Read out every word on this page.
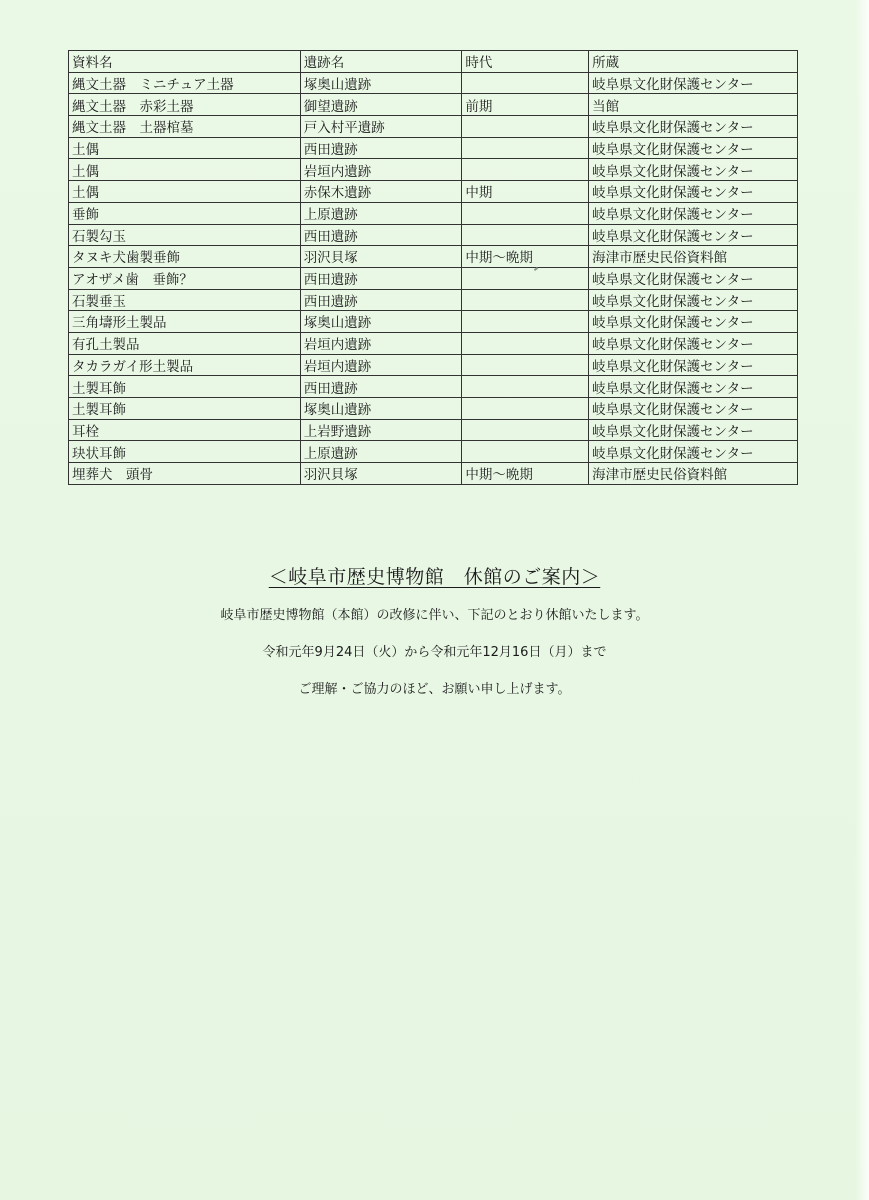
資料名	遺跡名	時代	所蔵
縄文土器　ミニチュア土器	塚奥山遺跡		岐阜県文化財保護センター
縄文土器　赤彩土器	御望遺跡	前期	当館
縄文土器　土器棺墓	戸入村平遺跡		岐阜県文化財保護センター
土偶	西田遺跡		岐阜県文化財保護センター
土偶	岩垣内遺跡		岐阜県文化財保護センター
土偶	赤保木遺跡	中期	岐阜県文化財保護センター
垂飾	上原遺跡		岐阜県文化財保護センター
石製勾玉	西田遺跡		岐阜県文化財保護センター
タヌキ犬歯製垂飾	羽沢貝塚	中期～晩期	海津市歴史民俗資料館
アオザメ歯　垂飾？	西田遺跡		岐阜県文化財保護センター
石製垂玉	西田遺跡		岐阜県文化財保護センター
三角壔形土製品	塚奥山遺跡		岐阜県文化財保護センター
有孔土製品	岩垣内遺跡		岐阜県文化財保護センター
タカラガイ形土製品	岩垣内遺跡		岐阜県文化財保護センター
土製耳飾	西田遺跡		岐阜県文化財保護センター
土製耳飾	塚奥山遺跡		岐阜県文化財保護センター
耳栓	上岩野遺跡		岐阜県文化財保護センター
玦状耳飾	上原遺跡		岐阜県文化財保護センター
埋葬犬　頭骨	羽沢貝塚	中期～晩期	海津市歴史民俗資料館
＜岐阜市歴史博物館　休館のご案内＞
岐阜市歴史博物館（本館）の改修に伴い、下記のとおり休館いたします。
令和元年9月24日（火）から令和元年12月16日（月）まで
ご理解・ご協力のほど、お願い申し上げます。
